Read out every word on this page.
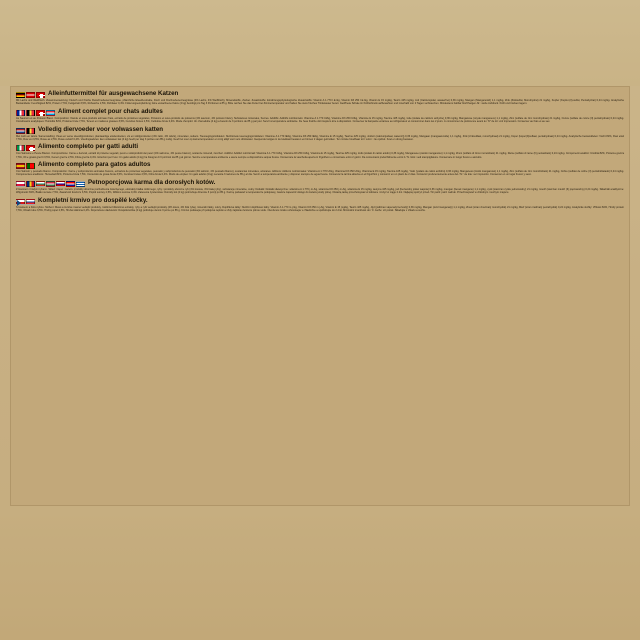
Alleinfuttermittel für ausgewachsene Katzen
Mit Lachs und Weißfisch. Zusammensetzung: Fleisch und frische Fleischnebenerzeugnisse, pflanzliche Eiweißextrakte, Fisch und Fischnebenerzeugnisse (4% Lachs, 4% Weißfisch), Mineralstoffe, Zucker. Zusatzstoffe: Ernährungsphysiologische Zusatzstoffe: Vitamin A 1.770 I.E./kg, Vitamin D3 250 I.E./kg, Vitamin E 15 mg/kg, Taurin 425 mg/kg, Jod (Calciumjodat, wasserfrei) 0,36 mg/kg, Mangan (Manganoxid) 1,1 mg/kg, Zink (Zinksulfat, Monohydrat) 21 mg/kg, Kupfer (Kupfer-(II)-sulfat, Pentahydrat) 0,24 mg/kg. Analytische Bestandteile: Feuchtigkeit 82%, Protein 7,5%, Fettgehalt 3,5%, Rohasche 2,5%, Rohfaser 0,4%. Fütterungsempfehlung: Eine erwachsene Katze (4 kg) benötigt pro Tag 3 Portionen à 85 g. Bitte reichen Sie das Futter bei Zimmertemperatur und halten Sie stets frisches Trinkwasser bereit. Geöffnete Schale im Kühlschrank aufbewahren und innerhalb von 2 Tagen verbrauchen. Mindestens haltbar bis/Chargen-Nr.: siehe Aufdruck. Kühl und trocken lagern.
Aliment complet pour chats adultes
Au Saumon et au Poisson Blanc. Composition: Viande et sous-produits animaux frais, extraits de protéines végétales, Poissons et sous-produits de poissons (4% saumon, 4% poisson blanc), Substances minérales, Sucres. Additifs: Additifs nutritionnels: Vitamine A 1.770 UI/kg, Vitamine D3 250 UI/kg, Vitamine E 15 mg/kg, Taurine 425 mg/kg, Iode (iodate de calcium anhydre) 0,36 mg/kg, Manganèse (oxyde manganeux) 1,1 mg/kg, Zinc (sulfate de zinc monohydraté) 21 mg/kg, Cuivre (sulfate de cuivre (II) pentahydraté) 0,24 mg/kg. Constituants analytiques: Humidité 82%, Protéine brute 7,5%, Teneur en matières grasses 3,5%, Cendres brutes 2,5%, Cellulose brute 0,4%. Mode d'emploi: Un chat adulte (4 kg) a besoin de 3 portions de 85 g par jour. Servir à température ambiante. De l'eau fraîche doit toujours être à disposition. Conserver la barquette entamée au réfrigérateur et consommer dans les 2 jours. À consommer de préférence avant le / N° de lot: voir impression. Conserver au frais et au sec.
Volledig diervoeder voor volwassen katten
Met zalm en witvis. Samenstelling: Vlees en verse vleesbijproducten, plantaardige eiwitextracten, vis en visbijproducten (4% zalm, 4% witvis), mineralen, suikers. Toevoegingsmiddelen: Nutritionele toevoegingsmiddelen: Vitamine A 1.770 IE/kg, Vitamine D3 250 IE/kg, Vitamine E 15 mg/kg, Taurine 425 mg/kg, Jodium (calciumjodaat, watervrij) 0,36 mg/kg, Mangaan (mangaanoxide) 1,1 mg/kg, Zink (zinksulfaat, monohydraat) 21 mg/kg, Koper (koper(II)sulfaat, pentahydraat) 0,24 mg/kg. Analytische bestanddelen: Vocht 82%, Ruw eiwit 7,5%, Ruw vet 3,5%, Ruwe as 2,5%, Ruwe celstof 0,4%. Voedingsadvies: Een volwassen kat (4 kg) heeft per dag 3 porties van 85 g nodig. Geef het voer op kamertemperatuur en zorg altijd voor vers drinkwater. Geopende kuipjes in de koelkast bewaren en binnen 2 dagen gebruiken. Ten minste houdbaar tot / Lotnr.: zie opdruk. Koel en droog bewaren.
Alimento completo per gatti adulti
Con Salmone e Pesce Bianco. Composizione: Carne e derivati, estratti di proteine vegetali, pesci e sottoprodotti dei pesci (4% salmone, 4% pesce bianco), sostanze minerali, zuccheri. Additivi: Additivi nutrizionali: Vitamina A 1.770 UI/kg, Vitamina D3 250 UI/kg, Vitamina E 15 mg/kg, Taurina 425 mg/kg, Iodio (iodato di calcio anidro) 0,36 mg/kg, Manganese (ossido manganoso) 1,1 mg/kg, Zinco (solfato di zinco monoidrato) 21 mg/kg, Rame (solfato di rame (II) pentaidrato) 0,24 mg/kg. Componenti analitici: Umidità 82%, Proteina grezza 7,5%, Oli e grassi grezzi 3,5%, Ceneri grezze 2,5%, Fibra grezza 0,4%. Istruzioni per l'uso: Un gatto adulto (4 kg) ha bisogno di 3 porzioni da 85 g al giorno. Servire a temperatura ambiente e avere sempre a disposizione acqua fresca. Conservare la vaschetta aperta in frigorifero e consumare entro 2 giorni. Da consumarsi preferibilmente entro il / N. lotto: vedi stampigliatura. Conservare in luogo fresco e asciutto.
Alimento completo para gatos adultos
Con Salmón y pescado blanco. Composición: Carne y subproductos animales frescos, extractos de proteínas vegetales, pescado y subproductos de pescado (4% salmón, 4% pescado blanco), sustancias minerales, azúcares. Aditivos: Aditivos nutricionales: Vitamina A 1.770 UI/kg, Vitamina D3 250 UI/kg, Vitamina E 15 mg/kg, Taurina 425 mg/kg, Yodo (yodato de calcio anhidro) 0,36 mg/kg, Manganeso (óxido manganoso) 1,1 mg/kg, Zinc (sulfato de zinc monohidrato) 21 mg/kg, Cobre (sulfato de cobre (II) pentahidratado) 0,24 mg/kg. Componentes analíticos: Humedad 82%, Proteína bruta 7,5%, Contenido de grasa bruta 3,5%, Cenizas brutas 2,5%, Fibra bruta 0,4%. Modo de empleo: Un gato adulto (4 kg) necesita 3 raciones de 85 g al día. Servir a temperatura ambiente y disponer siempre de agua fresca. Conservar la tarrina abierta en el frigorífico y consumir en un plazo de 2 días. Consumir preferentemente antes del / N.º de lote: ver impresión. Conservar en un lugar fresco y seco.
Petnoporcjowa karma dla dorosłych kotów.
Z łososiem i białymi rybami. Skład: mięso i świeże produkty uboczne pochodzenia zwierzęcego, ekstrakty białka roślinnego, ryby i produkty uboczne ryb (4% łososia, 4% białej ryby), substancje mineralne, cukry. Dodatki: Dodatki dietetyczne: witamina A 1.770 j.m./kg, witamina D3 250 j.m./kg, witamina E 15 mg/kg, tauryna 425 mg/kg, jod (bezwodny jodan wapnia) 0,36 mg/kg, mangan (tlenek manganu) 1,1 mg/kg, cynk (siarczan cynku jednowodny) 21 mg/kg, miedź (siarczan miedzi (II) pięciowodny) 0,24 mg/kg. Składniki analityczne: Wilgotność 82%, Białko surowe 7,5%, Zawartość tłuszczu 3,5%, Popiół surowy 2,5%, Włókno surowe 0,4%. Zalecenia żywieniowe: Dorosły kot (4 kg) potrzebuje dziennie 3 porcji po 85 g. Karmę podawać w temperaturze pokojowej, zawsze zapewnić dostęp do świeżej wody pitnej. Otwartą tackę przechowywać w lodówce i zużyć w ciągu 2 dni. Najlepiej spożyć przed / Nr partii: patrz nadruk. Przechowywać w chłodnym i suchym miejscu.
Kompletní krmivo pro dospělé kočky.
S lososem a bílou rybou. Složení: Maso a čerstvé masné vedlejší produkty, rostlinné bílkovinné extrakty, ryby a rybí vedlejší produkty (4% losos, 4% bílá ryba), minerální látky, cukry. Doplňkové látky: Nutriční doplňkové látky: Vitamín A 1.770 m.j./kg, Vitamín D3 250 m.j./kg, Vitamín E 15 mg/kg, Taurin 425 mg/kg, Jód (jodičnan vápenatý bezvodý) 0,36 mg/kg, Mangan (oxid manganatý) 1,1 mg/kg, Zinek (síran zinečnatý monohydrát) 21 mg/kg, Měď (síran měďnatý pentahydrát) 0,24 mg/kg. Analytické složky: Vlhkost 82%, Hrubý protein 7,5%, Obsah tuku 3,5%, Hrubý popel 2,5%, Hrubá vláknina 0,4%. Doporučené dávkování: Dospělá kočka (4 kg) potřebuje denně 3 porce po 85 g. Krmivo podávejte při pokojové teplotě a vždy zajistěte čerstvou pitnou vodu. Otevřenou misku uchovávejte v chladničce a spotřebujte do 2 dnů. Minimální trvanlivost do / Č. šarže: viz potisk. Skladujte v chladu a suchu.
